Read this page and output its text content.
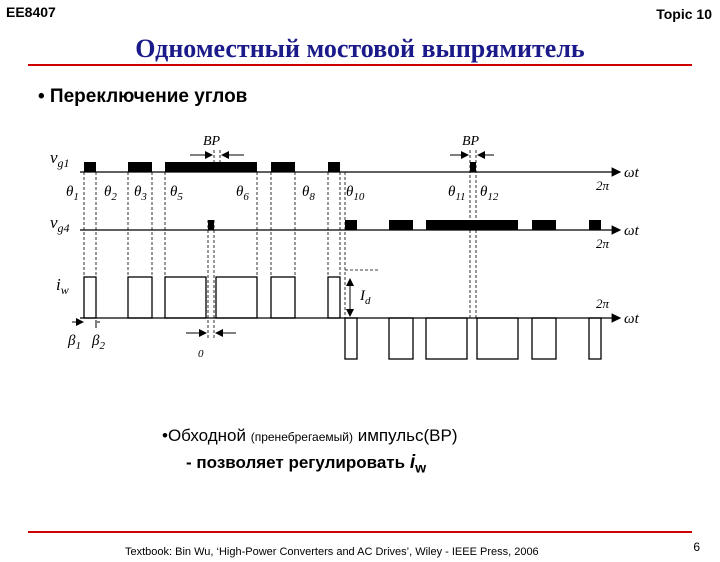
EE8407	Topic 10
Одноместный мостовой выпрямитель
• Переключение углов
BP	BP
$I_d$
$_0$
$\beta_1$ $\beta_2$
$v_{g1}$
$v_{g4}$
$i_w$
ωt
ωt
ωt
2π
2π
2π
$\theta_1$ $\theta_2$ $\theta_3$ $\theta_5$	$\theta_6$	$\theta_8$ $\theta_{10}$	$\theta_{11}$ $\theta_{12}$
•Обходной (пренебрегаемый) импульс(BP)
- позволяет регулировать $i_w$
Textbook: Bin Wu, ‘High-Power Converters and AC Drives’, Wiley - IEEE Press, 2006	6
